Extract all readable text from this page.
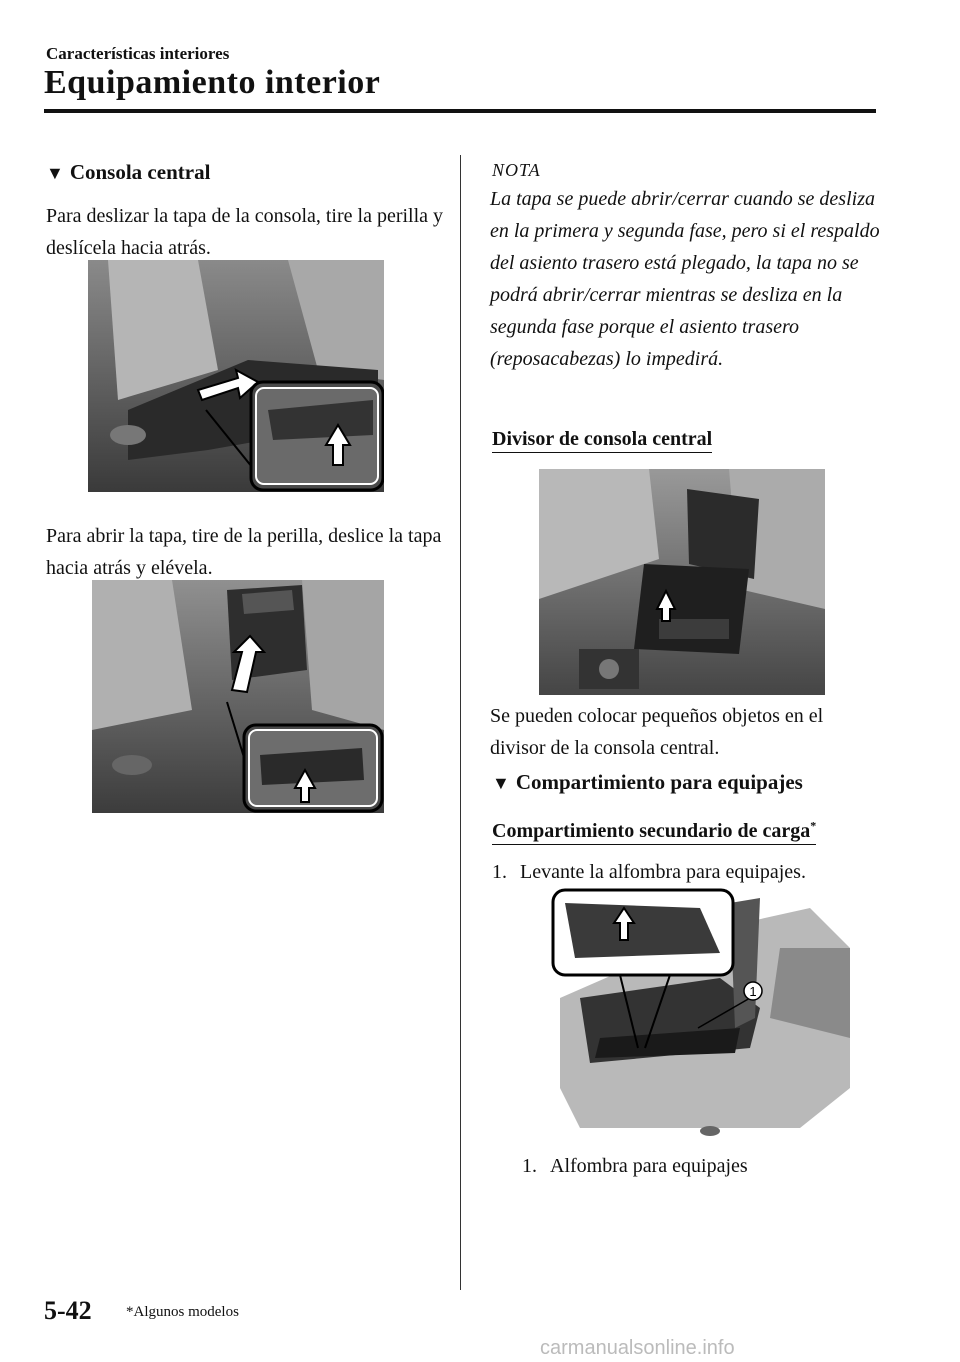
Características interiores
Equipamiento interior
▼ Consola central
Para deslizar la tapa de la consola, tire la perilla y deslícela hacia atrás.
Para abrir la tapa, tire de la perilla, deslice la tapa hacia atrás y elévela.
NOTA
La tapa se puede abrir/cerrar cuando se desliza en la primera y segunda fase, pero si el respaldo del asiento trasero está plegado, la tapa no se podrá abrir/cerrar mientras se desliza en la segunda fase porque el asiento trasero (reposacabezas) lo impedirá.
Divisor de consola central
Se pueden colocar pequeños objetos en el divisor de la consola central.
▼ Compartimiento para equipajes
Compartimiento secundario de carga*
1. Levante la alfombra para equipajes.
1
1. Alfombra para equipajes
5-42 *Algunos modelos
carmanualsonline.info
